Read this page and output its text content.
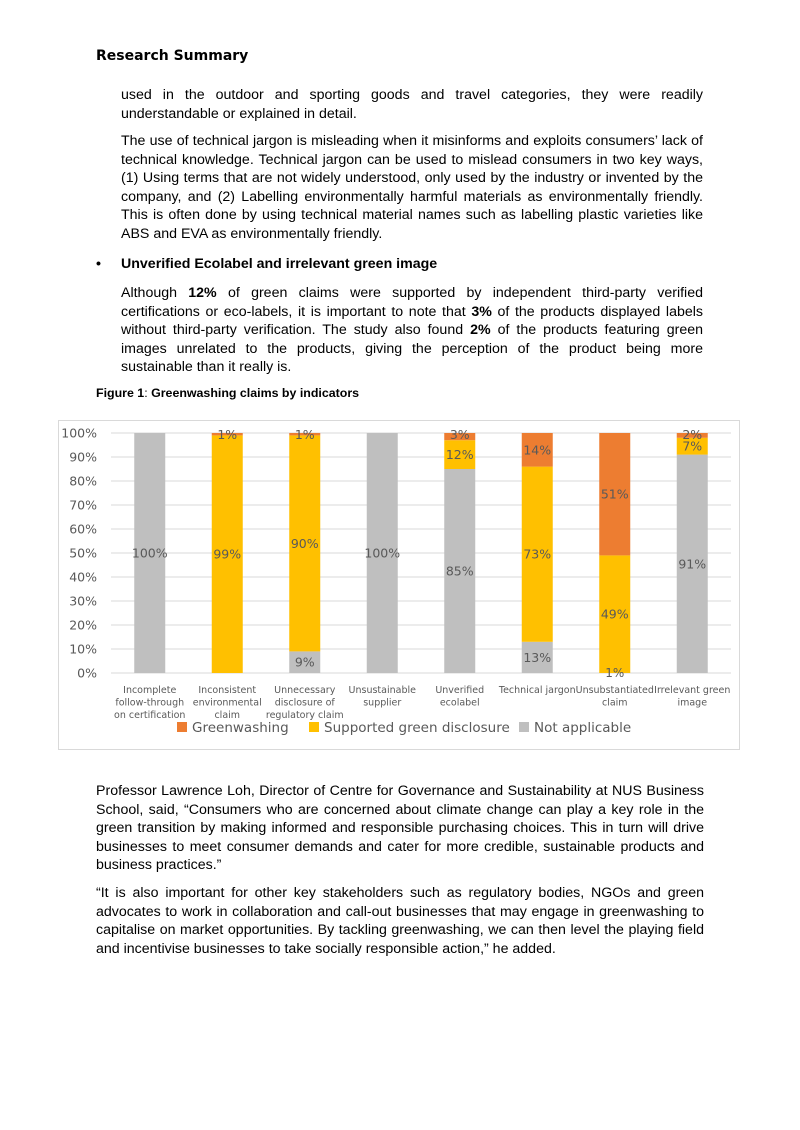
Research Summary

used in the outdoor and sporting goods and travel categories, they were readily understandable or explained in detail.

The use of technical jargon is misleading when it misinforms and exploits consumers’ lack of technical knowledge. Technical jargon can be used to mislead consumers in two key ways, (1) Using terms that are not widely understood, only used by the industry or invented by the company, and (2) Labelling environmentally harmful materials as environmentally friendly. This is often done by using technical material names such as labelling plastic varieties like ABS and EVA as environmentally friendly.

• Unverified Ecolabel and irrelevant green image

Although 12% of green claims were supported by independent third-party verified certifications or eco-labels, it is important to note that 3% of the products displayed labels without third-party verification. The study also found 2% of the products featuring green images unrelated to the products, giving the perception of the product being more sustainable than it really is.

Figure 1: Greenwashing claims by indicators
0%
10%
20%
30%
40%
50%
60%
70%
80%
90%
100%
100%
Incomplete
follow-through
on certification
99%
1%
Inconsistent
environmental
claim
9%
90%
1%
Unnecessary
disclosure of
regulatory claim
100%
Unsustainable
supplier
85%
12%
3%
Unverified
ecolabel
13%
73%
14%
Technical jargon
49%
51%
Unsubstantiated
claim
91%
7%
2%
Irrelevant green
image
1%
Greenwashing	Supported green disclosure Not applicable

Professor Lawrence Loh, Director of Centre for Governance and Sustainability at NUS Business School, said, “Consumers who are concerned about climate change can play a key role in the green transition by making informed and responsible purchasing choices. This in turn will drive businesses to meet consumer demands and cater for more credible, sustainable products and business practices.”

“It is also important for other key stakeholders such as regulatory bodies, NGOs and green advocates to work in collaboration and call-out businesses that may engage in greenwashing to capitalise on market opportunities. By tackling greenwashing, we can then level the playing field and incentivise businesses to take socially responsible action,” he added.
